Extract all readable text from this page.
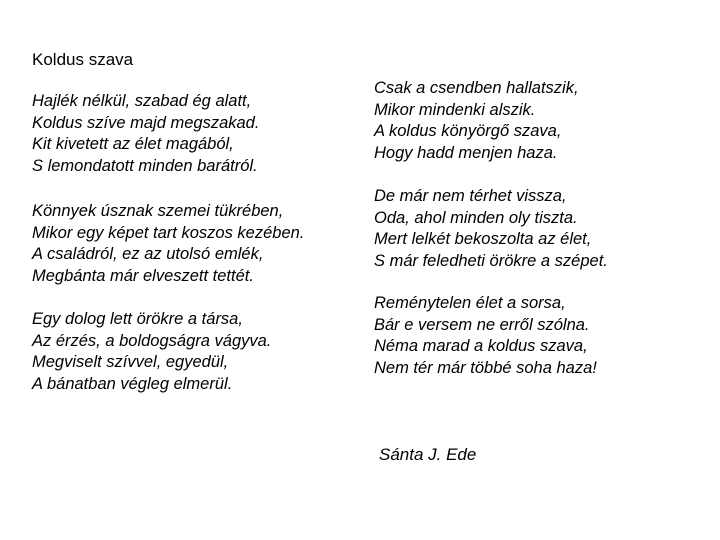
Koldus szava

Hajlék nélkül, szabad ég alatt,
Koldus szíve majd megszakad.
Kit kivetett az élet magából,
S lemondatott minden barátról.

Könnyek úsznak szemei tükrében,
Mikor egy képet tart koszos kezében.
A családról, ez az utolsó emlék,
Megbánta már elveszett tettét.

Egy dolog lett örökre a társa,
Az érzés, a boldogságra vágyva.
Megviselt szívvel, egyedül,
A bánatban végleg elmerül.

Csak a csendben hallatszik,
Mikor mindenki alszik.
A koldus könyörgő szava,
Hogy hadd menjen haza.

De már nem térhet vissza,
Oda, ahol minden oly tiszta.
Mert lelkét bekoszolta az élet,
S már feledheti örökre a szépet.

Reménytelen élet a sorsa,
Bár e versem ne erről szólna.
Néma marad a koldus szava,
Nem tér már többé soha haza!

Sánta J. Ede
